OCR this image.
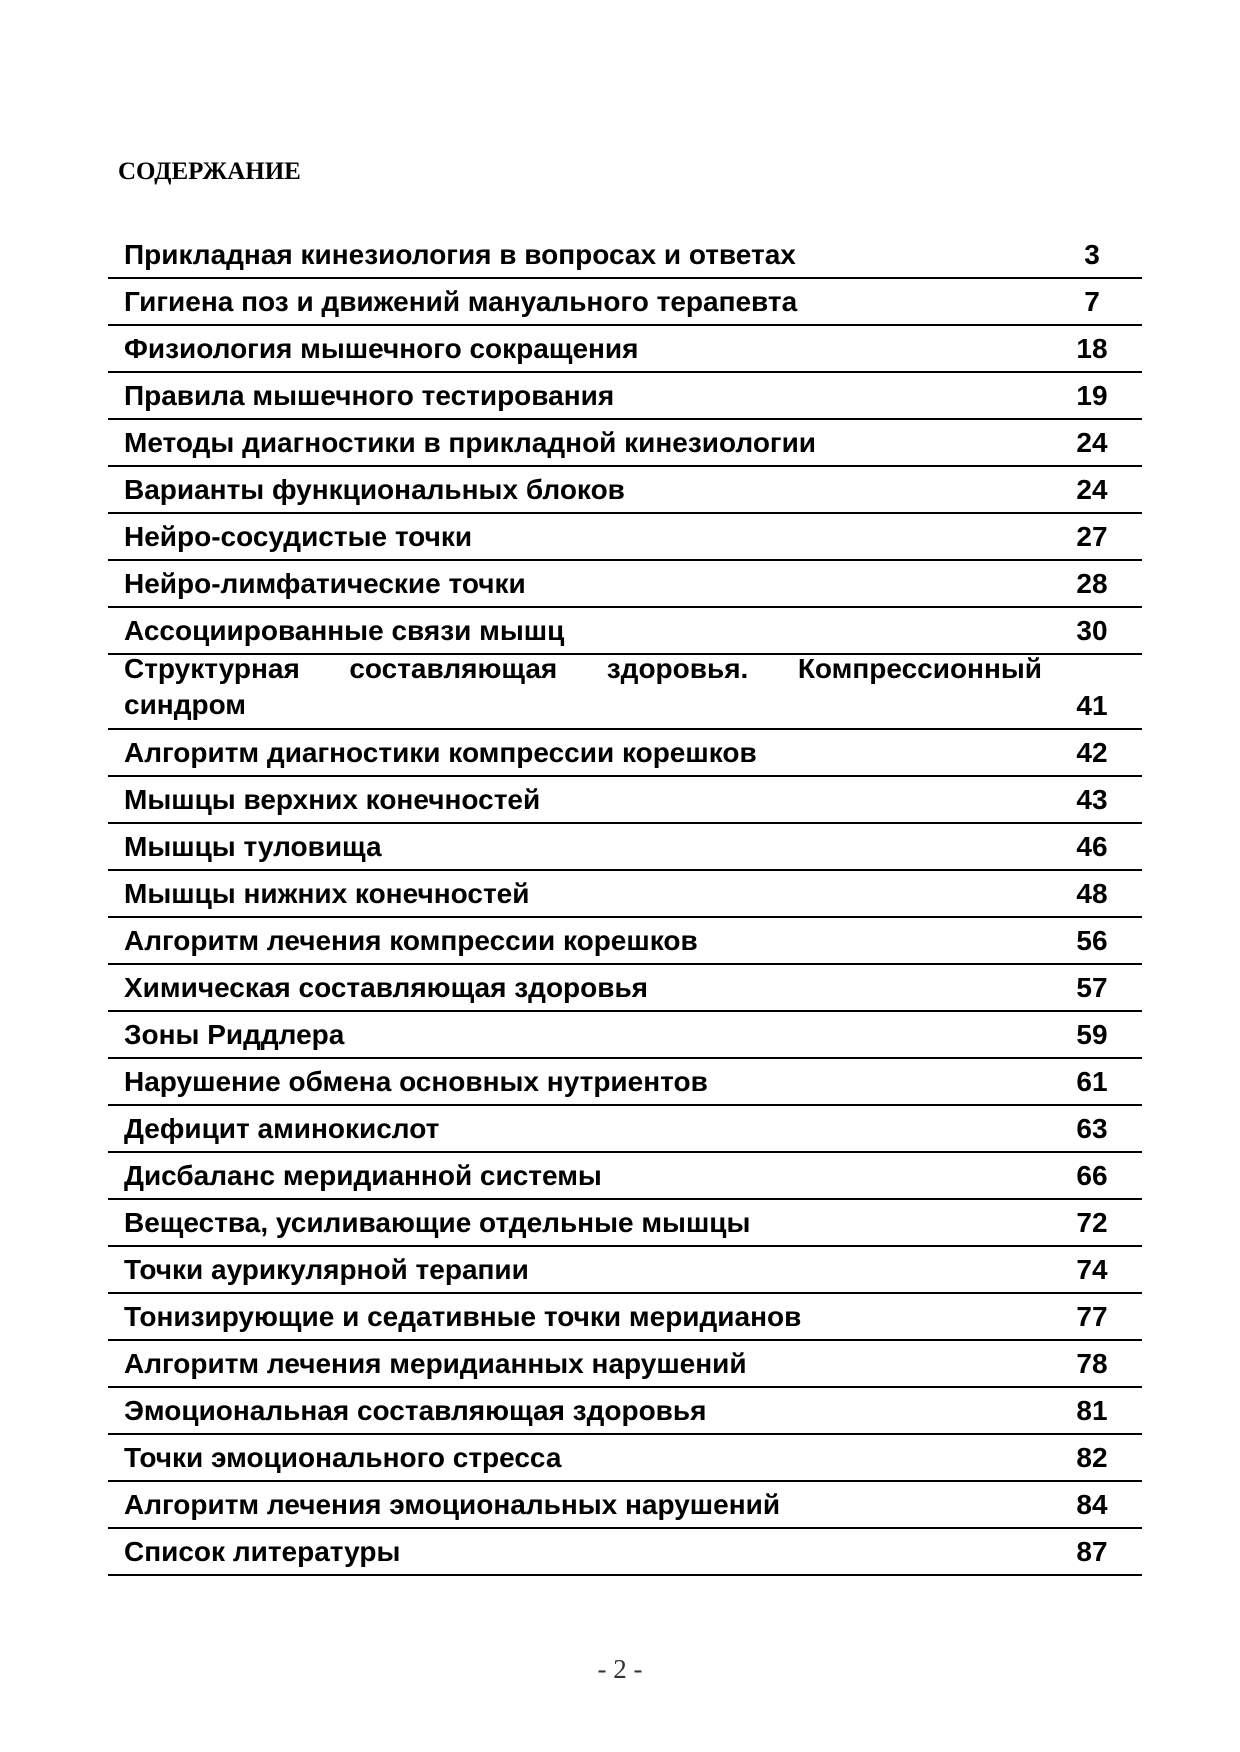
СОДЕРЖАНИЕ
Прикладная кинезиология в вопросах и ответах	3
Гигиена поз и движений мануального терапевта	7
Физиология мышечного сокращения	18
Правила мышечного тестирования	19
Методы диагностики в прикладной кинезиологии	24
Варианты функциональных блоков	24
Нейро-сосудистые точки	27
Нейро-лимфатические точки	28
Ассоциированные связи мышц	30
Структурная составляющая здоровья. Компрессионный синдром	41
Алгоритм диагностики компрессии корешков	42
Мышцы верхних конечностей	43
Мышцы туловища	46
Мышцы нижних конечностей	48
Алгоритм лечения компрессии корешков	56
Химическая составляющая здоровья	57
Зоны Риддлера	59
Нарушение обмена основных нутриентов	61
Дефицит аминокислот	63
Дисбаланс меридианной системы	66
Вещества, усиливающие отдельные мышцы	72
Точки аурикулярной терапии	74
Тонизирующие и седативные точки меридианов	77
Алгоритм лечения меридианных нарушений	78
Эмоциональная составляющая здоровья	81
Точки эмоционального стресса	82
Алгоритм лечения эмоциональных нарушений	84
Список литературы	87
- 2 -
